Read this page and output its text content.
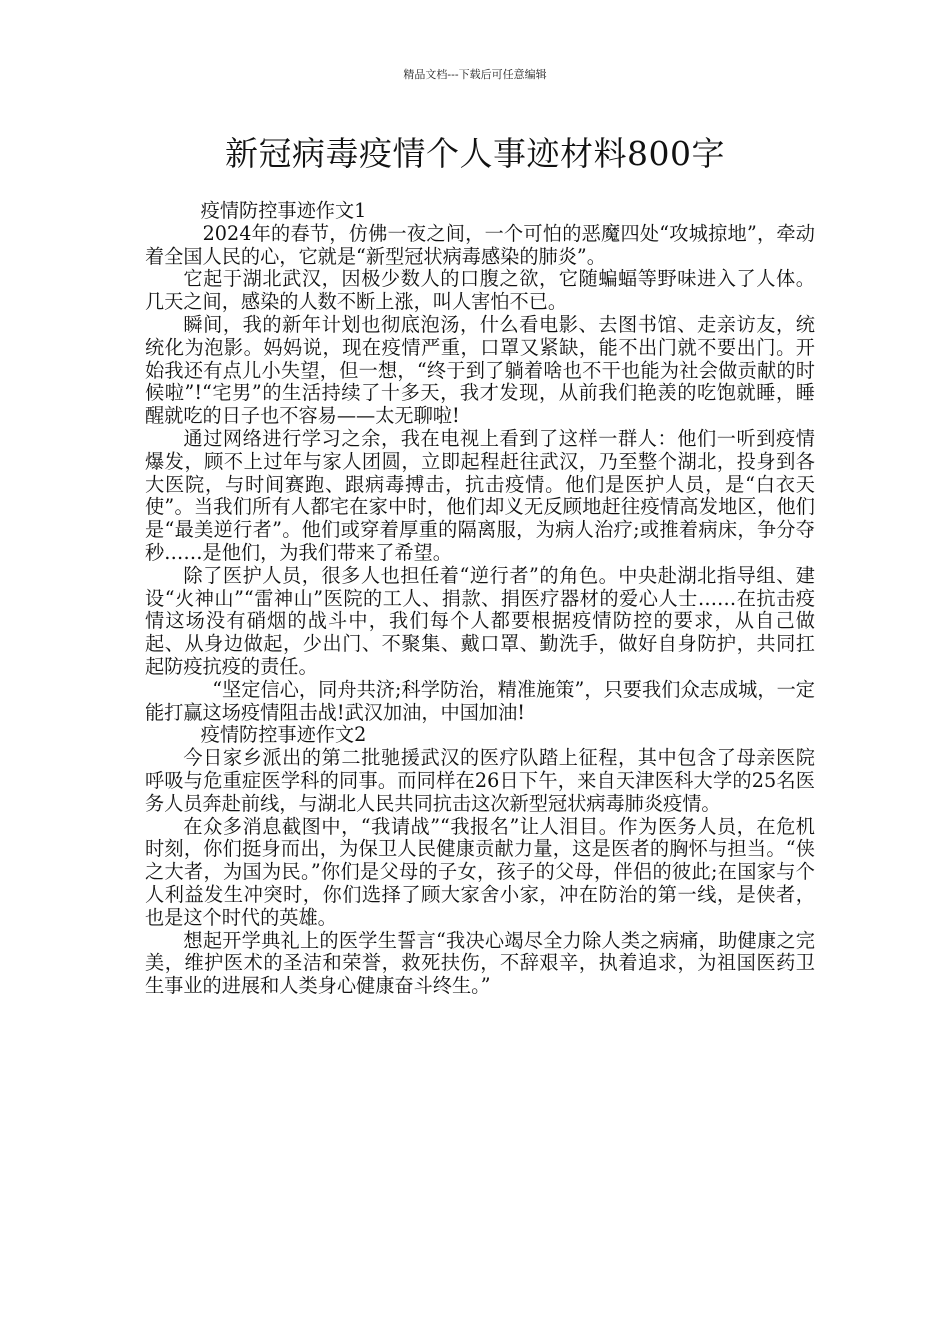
精品文档---下载后可任意编辑
新冠病毒疫情个人事迹材料800字

疫情防控事迹作文1

2024年的春节，仿佛一夜之间，一个可怕的恶魔四处“攻城掠地”，牵动着全国人民的心，它就是“新型冠状病毒感染的肺炎”。

它起于湖北武汉，因极少数人的口腹之欲，它随蝙蝠等野味进入了人体。几天之间，感染的人数不断上涨，叫人害怕不已。

瞬间，我的新年计划也彻底泡汤，什么看电影、去图书馆、走亲访友，统统化为泡影。妈妈说，现在疫情严重，口罩又紧缺，能不出门就不要出门。开始我还有点儿小失望，但一想，“终于到了躺着啥也不干也能为社会做贡献的时候啦”!“宅男”的生活持续了十多天，我才发现，从前我们艳羡的吃饱就睡，睡醒就吃的日子也不容易——太无聊啦!

通过网络进行学习之余，我在电视上看到了这样一群人：他们一听到疫情爆发，顾不上过年与家人团圆，立即起程赶往武汉，乃至整个湖北，投身到各大医院，与时间赛跑、跟病毒搏击，抗击疫情。他们是医护人员，是“白衣天使”。当我们所有人都宅在家中时，他们却义无反顾地赶往疫情高发地区，他们是“最美逆行者”。他们或穿着厚重的隔离服，为病人治疗;或推着病床，争分夺秒……是他们，为我们带来了希望。

除了医护人员，很多人也担任着“逆行者”的角色。中央赴湖北指导组、建设“火神山”“雷神山”医院的工人、捐款、捐医疗器材的爱心人士……在抗击疫情这场没有硝烟的战斗中，我们每个人都要根据疫情防控的要求，从自己做起、从身边做起，少出门、不聚集、戴口罩、勤洗手，做好自身防护，共同扛起防疫抗疫的责任。

“坚定信心，同舟共济;科学防治，精准施策”，只要我们众志成城，一定能打赢这场疫情阻击战!武汉加油，中国加油!

疫情防控事迹作文2

今日家乡派出的第二批驰援武汉的医疗队踏上征程，其中包含了母亲医院呼吸与危重症医学科的同事。而同样在26日下午，来自天津医科大学的25名医务人员奔赴前线，与湖北人民共同抗击这次新型冠状病毒肺炎疫情。

在众多消息截图中，“我请战”“我报名”让人泪目。作为医务人员，在危机时刻，你们挺身而出，为保卫人民健康贡献力量，这是医者的胸怀与担当。“侠之大者，为国为民。”你们是父母的子女，孩子的父母，伴侣的彼此;在国家与个人利益发生冲突时，你们选择了顾大家舍小家，冲在防治的第一线，是侠者，也是这个时代的英雄。

想起开学典礼上的医学生誓言“我决心竭尽全力除人类之病痛，助健康之完美，维护医术的圣洁和荣誉，救死扶伤，不辞艰辛，执着追求，为祖国医药卫生事业的进展和人类身心健康奋斗终生。”
